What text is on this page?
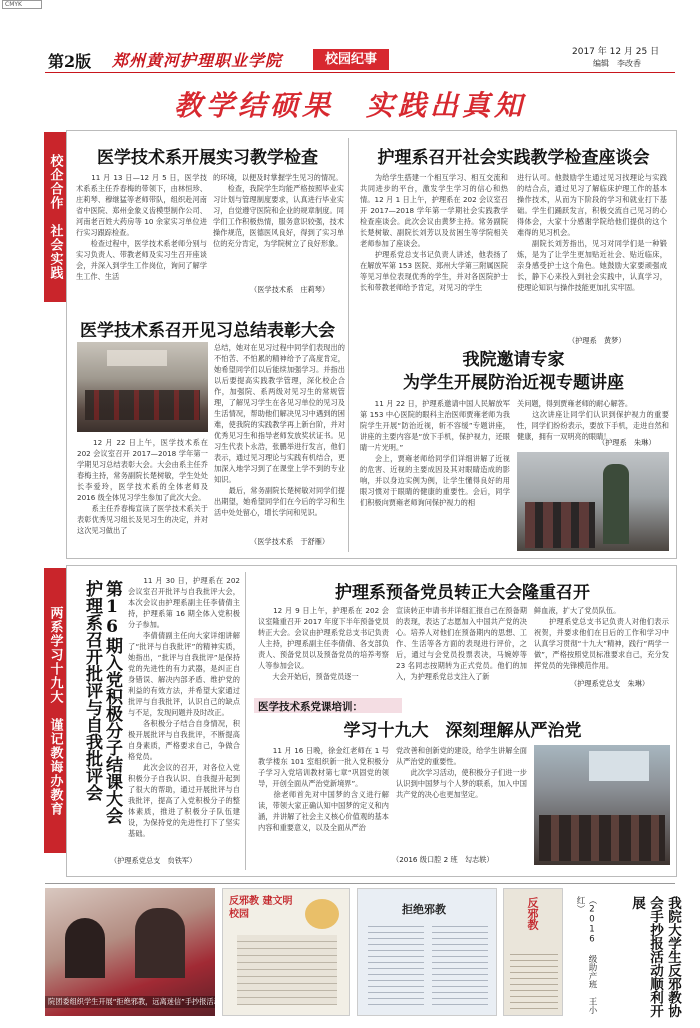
CMYK
第2版 郑州黄河护理职业学院	校园纪事	2017 年 12 月 25 日
编辑　李改香
教学结硕果　实践出真知
校企合作　社会实践
两系学习十九大　谨记教诲办教育
医学技术系开展实习教学检查
　　11 月 13 日—12 月 5 日，医学技术系系主任乔春梅的带领下，由林恒珍、庄莉琴、穆继猛等老师带队，组织赴河南省中医院、郑州金象义齿模型制作公司、河南老百姓大药房等 10 余家实习单位进行实习跟踪检查。
　　检查过程中，医学技术系老师分别与实习负责人、带教老师及实习生召开座谈会，并深入到学生工作岗位，询问了解学生工作、生活
的环境，以便及时掌握学生见习的情况。
　　检查，我院学生均能严格按照毕业实习计划与管理制度要求，认真进行毕业实习，自觉遵守医院和企业的规章制度。同学们工作积极热情，服务意识较强，技术操作规范，医德医风良好，得到了实习单位的充分肯定，为学院树立了良好形象。
（医学技术系　庄莉琴）
护理系召开社会实践教学检查座谈会
　　为给学生搭建一个相互学习、相互交流和共同进步的平台，激发学生学习的信心和热情。12 月 1 日上午，护理系在 202 会议室召开 2017—2018 学年第一学期社会实践教学检查座谈会。此次会议由黄梦主持。常务副院长楚树敏、副院长刘芳以及贫困生等学院相关老师参加了座谈会。
　　护理系党总支书记负责人讲述，他表扬了在解放军第 153 医院、郑州大学第三附属医院等见习单位表现优秀的学生，并对各医院护士长和带教老师给予肯定，对见习的学生
进行认可。他鼓励学生通过见习找理论与实践的结合点，通过见习了解临床护理工作的基本操作技术，从而为下阶段的学习和就业打下基础。学生们踊跃发言，积极交流自己见习的心得体会，大家十分感谢学院给他们提供的这个难得的见习机会。
　　副院长刘芳指出，见习对同学们是一种锻炼，是为了让学生更加贴近社会、贴近临床，亲身感受护士这个角色。她鼓励大家要顽强成长，静下心来投入到社会实践中，认真学习，使理论知识与操作技能更加扎实牢固。
（护理系　黄梦）
医学技术系召开见习总结表彰大会
　　12 月 22 日上午，医学技术系在 202 会议室召开 2017—2018 学年第一学期见习总结表彰大会。大会由系主任乔春梅主持，常务副院长楚树敏，学生处处长李爱玲，医学技术系的全体老师及 2016 级全体见习学生参加了此次大会。
　　系主任乔春梅宣读了医学技术系关于表彰优秀见习组长及见习生的决定，并对这次见习做出了
总结，她对在见习过程中同学们表现出的不怕苦、不怕累的精神给予了高度肯定，她希望同学们以后能续加强学习。并指出以后要提高实践教学管理，深化校企合作，加强院、系两级对见习生的常规管理，了解见习学生在各见习单位的见习及生活情况，帮助他们解决见习中遇到的困难，使我院的实践教学再上新台阶，并对优秀见习生和指导老师发放奖状证书。见习生代表卜永浩，张鹏举进行发言，他们表示，通过见习理论与实践有机结合，更加深入地学习到了在课堂上学不到的专业知识。
　　最后，常务副院长楚树敏对同学们提出期望，她希望同学们在今后的学习和生活中处处留心，增长学问和见识。
（医学技术系　于舒雁）
我院邀请专家
为学生开展防治近视专题讲座
　　11 月 22 日，护理系邀请中国人民解放军第 153 中心医院的眼科主治医师贾雍老师为我院学生开展“防治近视，斩不容缓”专题讲座，讲座的主要内容是“放下手机，保护视力，还眼睛一片光明。”
　　会上，贾雍老师给同学们详细讲解了近视的危害、近视的主要成因及其对眼睛造成的影响，并以身边实例为例，让学生懂得良好的用眼习惯对于眼睛的健康的重要性。会后，同学们积极向贾雍老师询问保护视力的相
关问题，得到贾雍老师的耐心解答。
　　这次讲座让同学们认识到保护视力的重要性，同学们纷纷表示，要放下手机，走进自然和健康，拥有一双明亮的眼睛！
（护理系　朱琳）
第16期入党积极分子结课大会
护理系召开批评与自我批评会	　　11 月 30 日，护理系在 202 会议室召开批评与自我批评大会，本次会议由护理系副主任李倩倩主持，护理系第 16 期全体入党积极分子参加。
　　李倩倩副主任向大家详细讲解了“批评与自我批评”的精神实质，她指出，“批评与自我批评”是保持党的先进性的有力武器，是纠正自身错误、解决内部矛盾、维护党的利益的有效方法，并希望大家通过批评与自我批评，认识自己的缺点与不足，发现问题并及时改正。
　　各积极分子结合自身情况，积极开展批评与自我批评，不断提高自身素质，严格要求自己，争做合格党员。
　　此次会议的召开，对各位入党积极分子自我认识、自我提升起到了很大的帮助，通过开展批评与自我批评，提高了入党积极分子的整体素质，推进了积极分子队伍建设，为保持党的先进性打下了坚实基础。
（护理系党总支　贠铁军）
护理系预备党员转正大会隆重召开
　　12 月 9 日上午，护理系在 202 会议室隆重召开 2017 年度下半年预备党员转正大会。会议由护理系党总支书记负责人主持，护理系副主任李倩倩、各支部负责人、预备党员以及预备党员的培养考察人等参加会议。
　　大会开始后，预备党员逐一
宣读转正申请书并详细汇报自己在预备期的表现，表达了志愿加入中国共产党的决心。培养人对他们在预备期内的思想、工作、生活等各方面的表现进行评价，之后，通过与会党员投票表决，马婉婷等 23 名同志按期转为正式党员。他们的加入，为护理系党总支注入了新
鲜血液，扩大了党员队伍。
　　护理系党总支书记负责人对他们表示祝贺，并要求他们在日后的工作和学习中认真学习贯彻“十九大”精神，践行“两学一做”，严格按照党员标准要求自己，充分发挥党员的先锋模范作用。
（护理系党总支　朱琳）
医学技术系党课培训：
学习十九大　深刻理解从严治党
　　11 月 16 日晚，徐金红老师在 1 号教学楼东 101 室组织新一批入党积极分子学习入党培训教材第七章“巩固党的领导，开创全面从严治党新境界”。
　　徐老师首先对中国梦的含义进行解读，带领大家正确认知中国梦的定义和内涵，并讲解了社会主义核心价值观的基本内容和重要意义，以及全面从严治
党改善和创新党的建设，给学生讲解全面从严治党的重要性。
　　此次学习活动，使积极分子们进一步认识到中国梦与个人梦的联系，加入中国共产党的决心也更加坚定。
（2016 级口腔 2 班　勾志轶）
院团委组织学生开展“拒绝邪教，远离迷信”手抄报活动
反邪教 建文明校园	拒绝邪教	反邪教	我院大学生反邪教协会手抄报活动顺利开展
（2016 级助产班　王小红）
